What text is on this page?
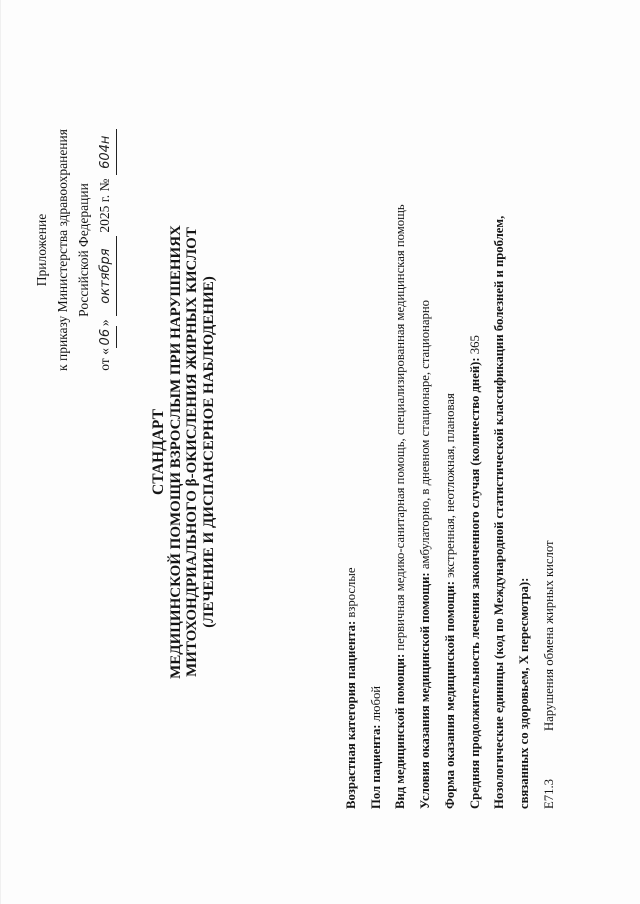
Приложение к приказу Министерства здравоохранения Российской Федерации
от «06» октября 2025 г. № 604н
СТАНДАРТ МЕДИЦИНСКОЙ ПОМОЩИ ВЗРОСЛЫМ ПРИ НАРУШЕНИЯХ МИТОХОНДРИАЛЬНОГО β-ОКИСЛЕНИЯ ЖИРНЫХ КИСЛОТ (ЛЕЧЕНИЕ И ДИСПАНСЕРНОЕ НАБЛЮДЕНИЕ)
Возрастная категория пациента: взрослые
Пол пациента: любой Вид медицинской помощи: первичная медико-санитарная помощь, специализированная медицинская помощь
Условия оказания медицинской помощи: амбулаторно, в дневном стационаре, стационарно
Форма оказания медицинской помощи: экстренная, неотложная, плановая Средняя продолжительность лечения законченного случая (количество дней): 365 Нозологические единицы (код по Международной статистической классификации болезней и проблем, связанных со здоровьем, X пересмотра): E71.3
Нарушения обмена жирных кислот
